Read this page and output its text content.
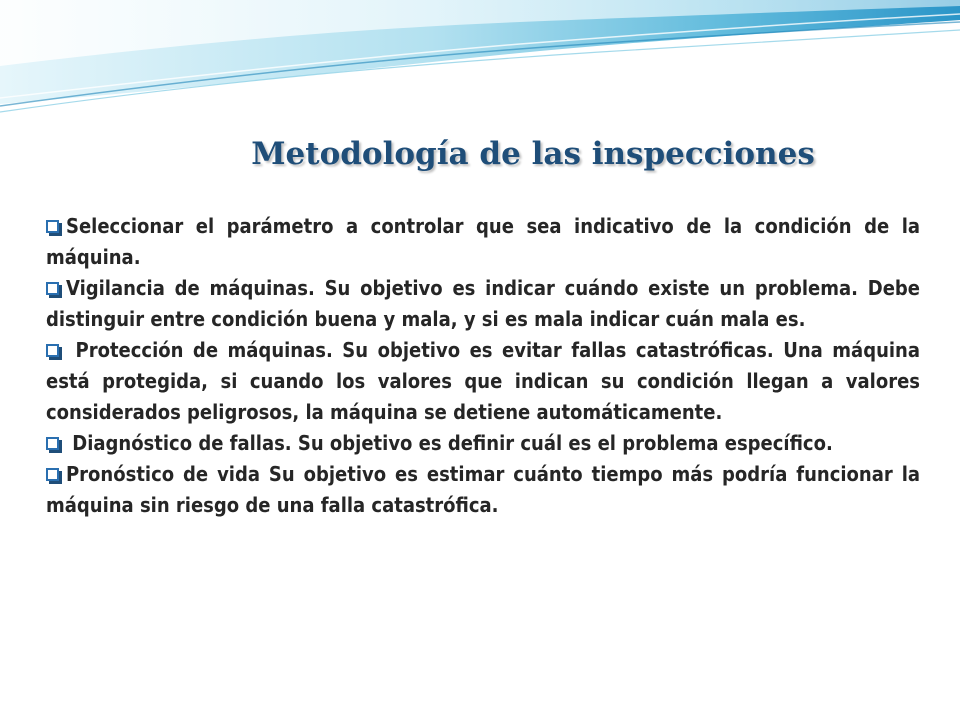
Metodología de las inspecciones
Seleccionar el parámetro a controlar que sea indicativo de la condición de la máquina.
Vigilancia de máquinas. Su objetivo es indicar cuándo existe un problema. Debe distinguir entre condición buena y mala, y si es mala indicar cuán mala es.
Protección de máquinas. Su objetivo es evitar fallas catastróficas. Una máquina está protegida, si cuando los valores que indican su condición llegan a valores considerados peligrosos, la máquina se detiene automáticamente.
Diagnóstico de fallas. Su objetivo es definir cuál es el problema específico.
Pronóstico de vida Su objetivo es estimar cuánto tiempo más podría funcionar la máquina sin riesgo de una falla catastrófica.
